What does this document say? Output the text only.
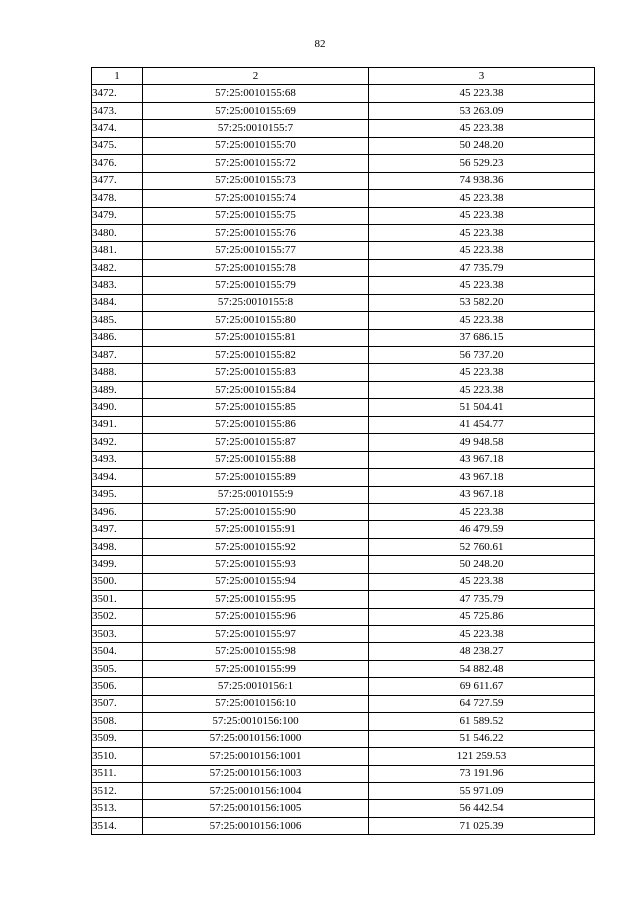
82
1	2	3
3472.	57:25:0010155:68	45 223.38
3473.	57:25:0010155:69	53 263.09
3474.	57:25:0010155:7	45 223.38
3475.	57:25:0010155:70	50 248.20
3476.	57:25:0010155:72	56 529.23
3477.	57:25:0010155:73	74 938.36
3478.	57:25:0010155:74	45 223.38
3479.	57:25:0010155:75	45 223.38
3480.	57:25:0010155:76	45 223.38
3481.	57:25:0010155:77	45 223.38
3482.	57:25:0010155:78	47 735.79
3483.	57:25:0010155:79	45 223.38
3484.	57:25:0010155:8	53 582.20
3485.	57:25:0010155:80	45 223.38
3486.	57:25:0010155:81	37 686.15
3487.	57:25:0010155:82	56 737.20
3488.	57:25:0010155:83	45 223.38
3489.	57:25:0010155:84	45 223.38
3490.	57:25:0010155:85	51 504.41
3491.	57:25:0010155:86	41 454.77
3492.	57:25:0010155:87	49 948.58
3493.	57:25:0010155:88	43 967.18
3494.	57:25:0010155:89	43 967.18
3495.	57:25:0010155:9	43 967.18
3496.	57:25:0010155:90	45 223.38
3497.	57:25:0010155:91	46 479.59
3498.	57:25:0010155:92	52 760.61
3499.	57:25:0010155:93	50 248.20
3500.	57:25:0010155:94	45 223.38
3501.	57:25:0010155:95	47 735.79
3502.	57:25:0010155:96	45 725.86
3503.	57:25:0010155:97	45 223.38
3504.	57:25:0010155:98	48 238.27
3505.	57:25:0010155:99	54 882.48
3506.	57:25:0010156:1	69 611.67
3507.	57:25:0010156:10	64 727.59
3508.	57:25:0010156:100	61 589.52
3509.	57:25:0010156:1000	51 546.22
3510.	57:25:0010156:1001	121 259.53
3511.	57:25:0010156:1003	73 191.96
3512.	57:25:0010156:1004	55 971.09
3513.	57:25:0010156:1005	56 442.54
3514.	57:25:0010156:1006	71 025.39
